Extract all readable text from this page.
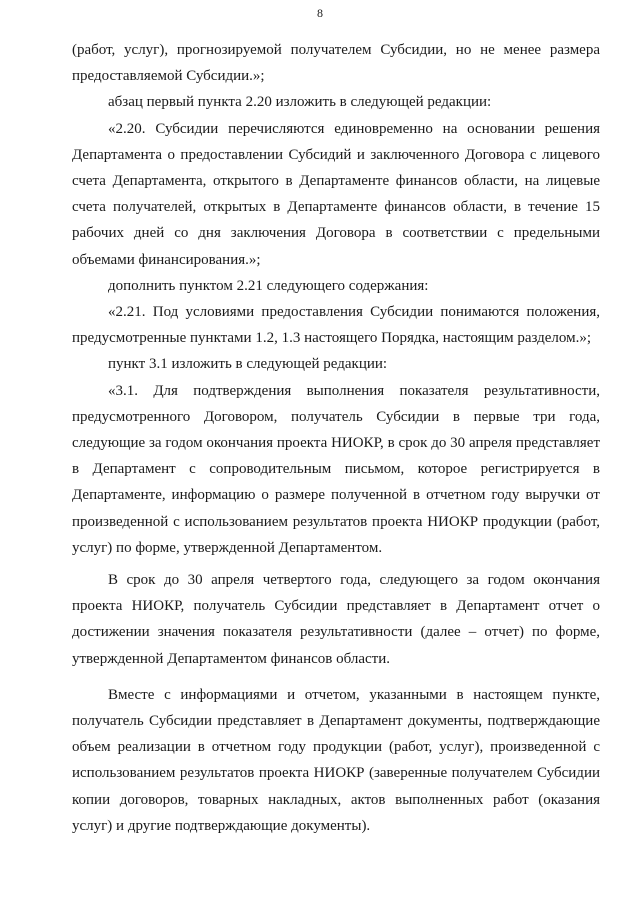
8

(работ, услуг), прогнозируемой получателем Субсидии, но не менее размера предоставляемой Субсидии.»;

абзац первый пункта 2.20 изложить в следующей редакции:

«2.20. Субсидии перечисляются единовременно на основании решения Департамента о предоставлении Субсидий и заключенного Договора с лицевого счета Департамента, открытого в Департаменте финансов области, на лицевые счета получателей, открытых в Департаменте финансов области, в течение 15 рабочих дней со дня заключения Договора в соответствии с предельными объемами финансирования.»;

дополнить пунктом 2.21 следующего содержания:

«2.21. Под условиями предоставления Субсидии понимаются положения, предусмотренные пунктами 1.2, 1.3 настоящего Порядка, настоящим разделом.»;

пункт 3.1 изложить в следующей редакции:

«3.1. Для подтверждения выполнения показателя результативности, предусмотренного Договором, получатель Субсидии в первые три года, следующие за годом окончания проекта НИОКР, в срок до 30 апреля представляет в Департамент с сопроводительным письмом, которое регистрируется в Департаменте, информацию о размере полученной в отчетном году выручки от произведенной с использованием результатов проекта НИОКР продукции (работ, услуг) по форме, утвержденной Департаментом.

В срок до 30 апреля четвертого года, следующего за годом окончания проекта НИОКР, получатель Субсидии представляет в Департамент отчет о достижении значения показателя результативности (далее – отчет) по форме, утвержденной Департаментом финансов области.

Вместе с информациями и отчетом, указанными в настоящем пункте, получатель Субсидии представляет в Департамент документы, подтверждающие объем реализации в отчетном году продукции (работ, услуг), произведенной с использованием результатов проекта НИОКР (заверенные получателем Субсидии копии договоров, товарных накладных, актов выполненных работ (оказания услуг) и другие подтверждающие документы).
